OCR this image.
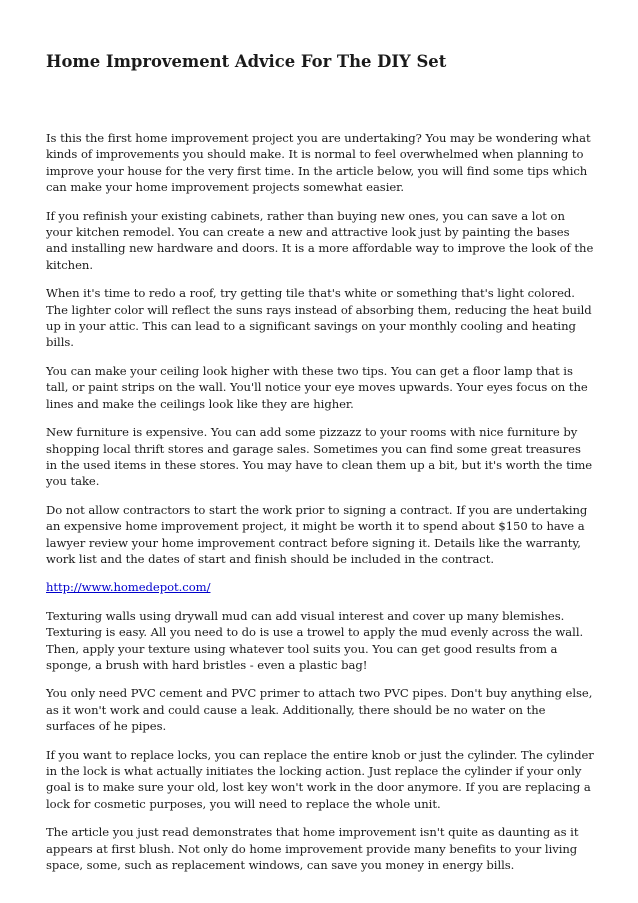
Home Improvement Advice For The DIY Set

Is this the first home improvement project you are undertaking? You may be wondering what kinds of improvements you should make. It is normal to feel overwhelmed when planning to improve your house for the very first time. In the article below, you will find some tips which can make your home improvement projects somewhat easier.

If you refinish your existing cabinets, rather than buying new ones, you can save a lot on your kitchen remodel. You can create a new and attractive look just by painting the bases and installing new hardware and doors. It is a more affordable way to improve the look of the kitchen.

When it's time to redo a roof, try getting tile that's white or something that's light colored. The lighter color will reflect the suns rays instead of absorbing them, reducing the heat build up in your attic. This can lead to a significant savings on your monthly cooling and heating bills.

You can make your ceiling look higher with these two tips. You can get a floor lamp that is tall, or paint strips on the wall. You'll notice your eye moves upwards. Your eyes focus on the lines and make the ceilings look like they are higher.

New furniture is expensive. You can add some pizzazz to your rooms with nice furniture by shopping local thrift stores and garage sales. Sometimes you can find some great treasures in the used items in these stores. You may have to clean them up a bit, but it's worth the time you take.

Do not allow contractors to start the work prior to signing a contract. If you are undertaking an expensive home improvement project, it might be worth it to spend about $150 to have a lawyer review your home improvement contract before signing it. Details like the warranty, work list and the dates of start and finish should be included in the contract.

http://www.homedepot.com/

Texturing walls using drywall mud can add visual interest and cover up many blemishes. Texturing is easy. All you need to do is use a trowel to apply the mud evenly across the wall. Then, apply your texture using whatever tool suits you. You can get good results from a sponge, a brush with hard bristles - even a plastic bag!

You only need PVC cement and PVC primer to attach two PVC pipes. Don't buy anything else, as it won't work and could cause a leak. Additionally, there should be no water on the surfaces of he pipes.

If you want to replace locks, you can replace the entire knob or just the cylinder. The cylinder in the lock is what actually initiates the locking action. Just replace the cylinder if your only goal is to make sure your old, lost key won't work in the door anymore. If you are replacing a lock for cosmetic purposes, you will need to replace the whole unit.

The article you just read demonstrates that home improvement isn't quite as daunting as it appears at first blush. Not only do home improvement provide many benefits to your living space, some, such as replacement windows, can save you money in energy bills.
